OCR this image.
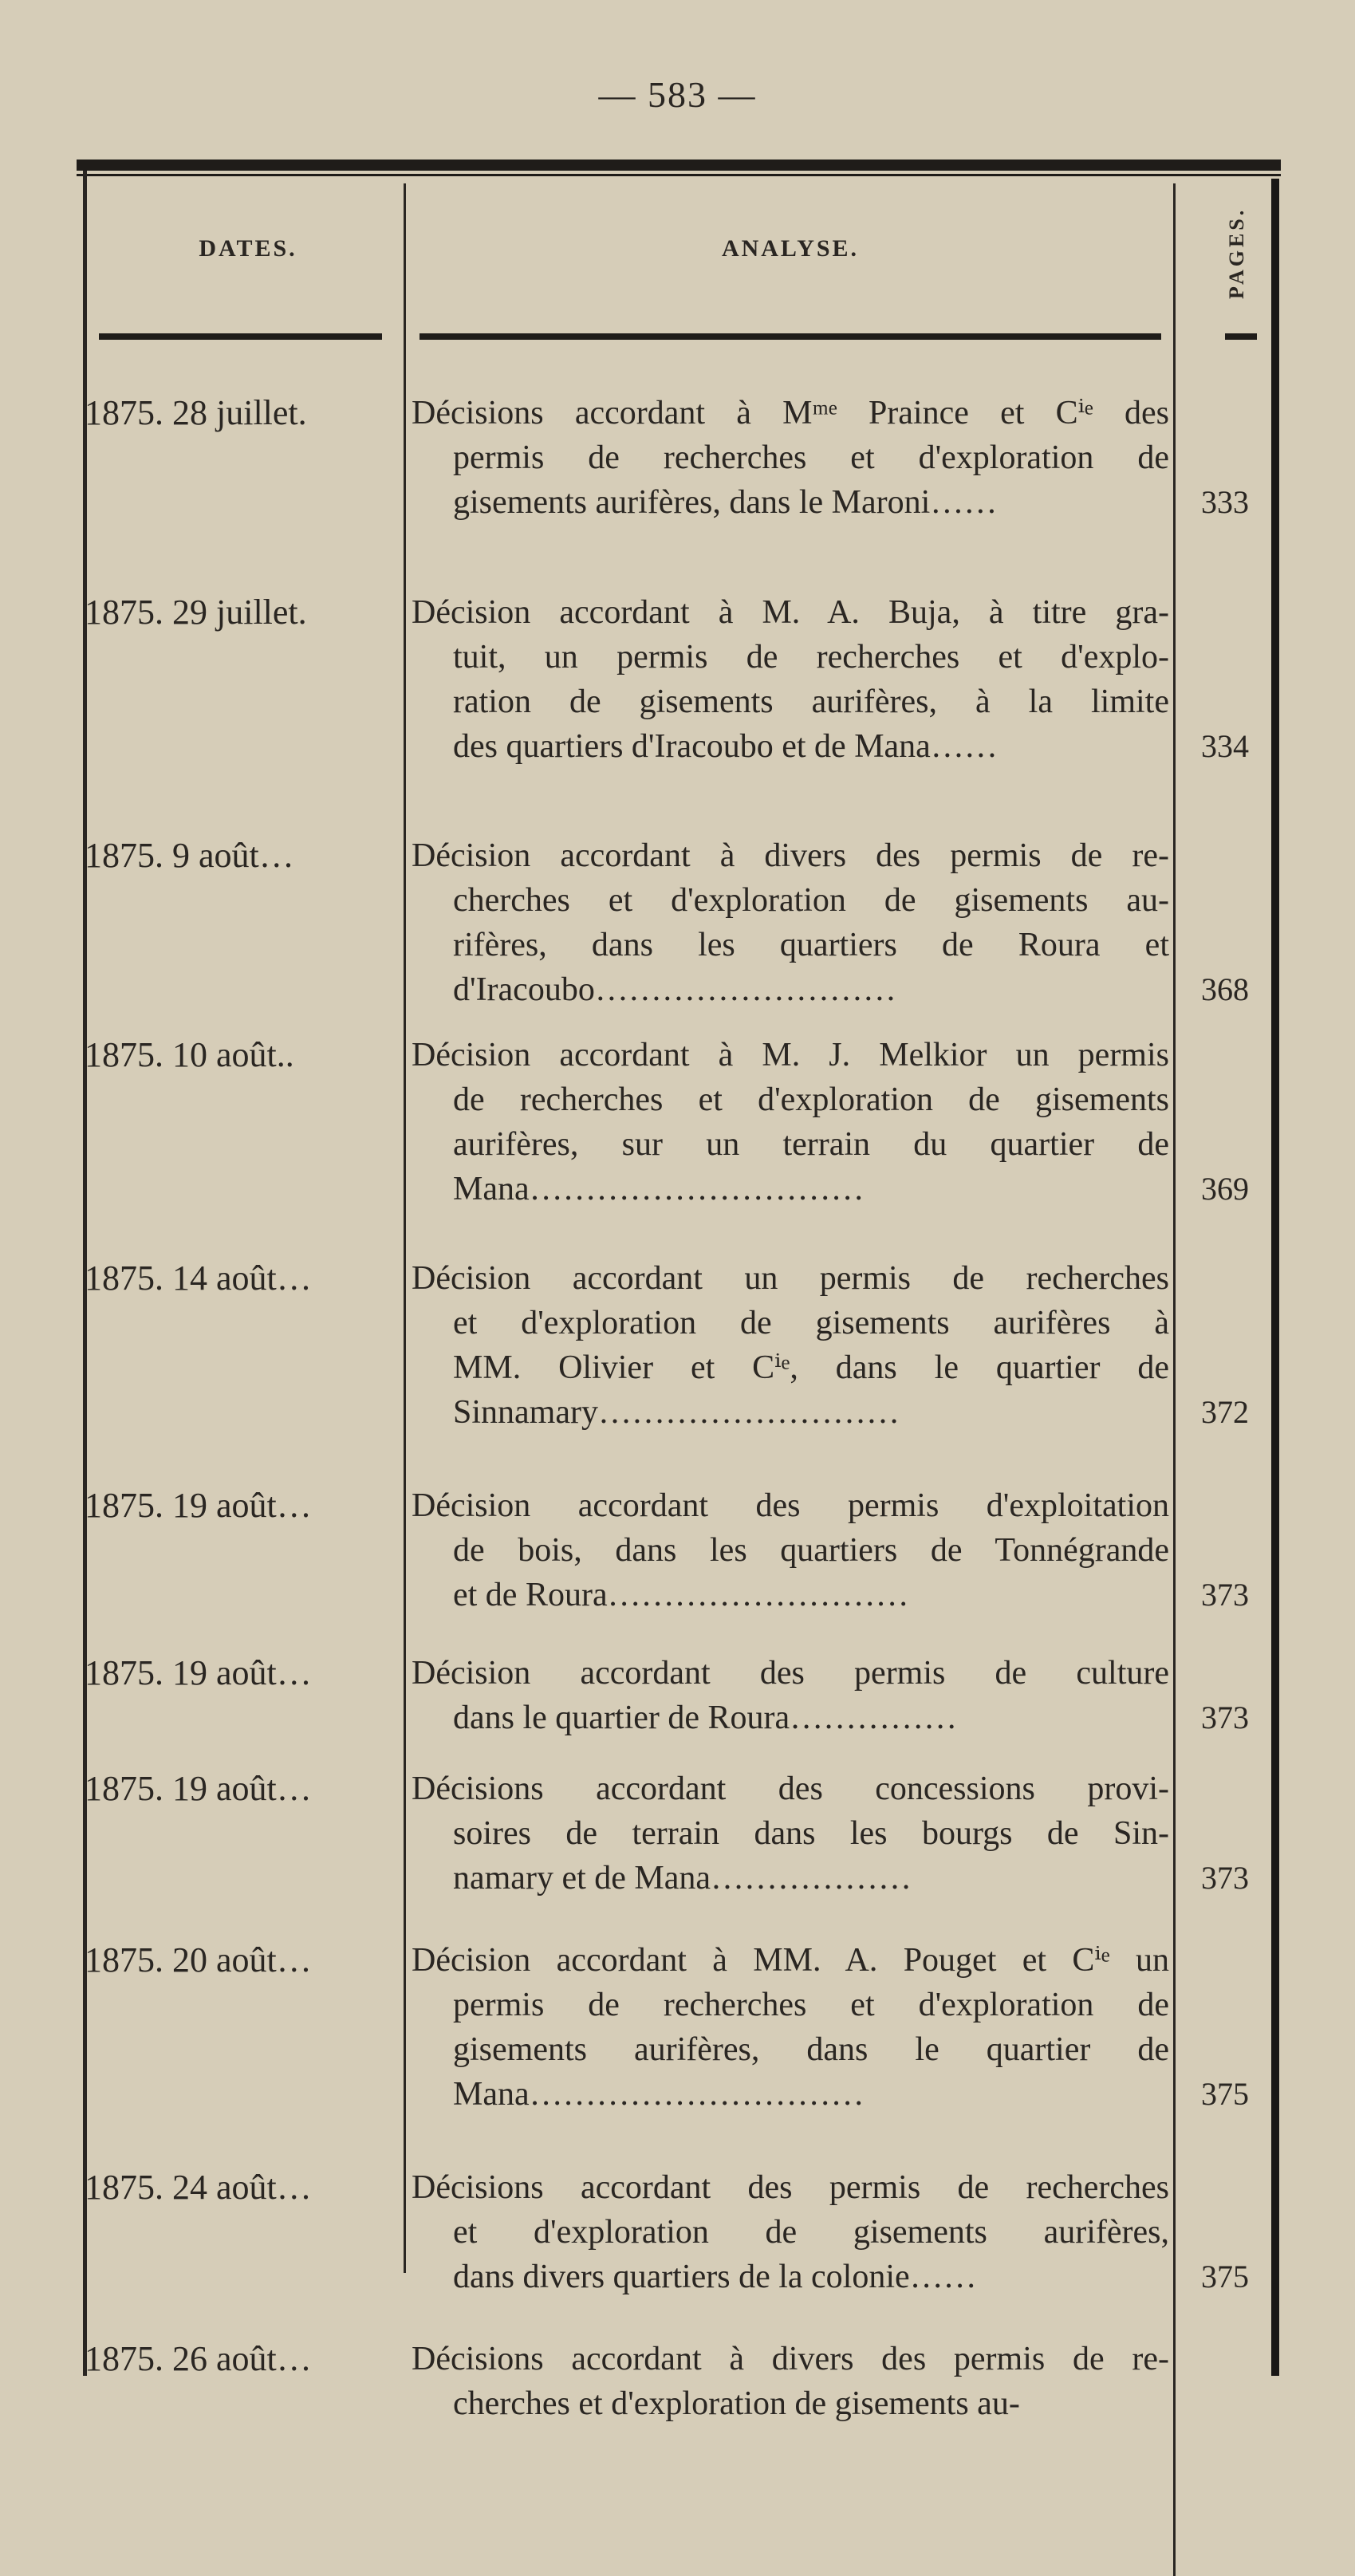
— 583 —
DATES.	ANALYSE.	PAGES.
1875. 28 juillet.	Décisions accordant à Mᵐᵉ Praince et Cⁱᵉ des
permis de recherches et d'exploration de
gisements aurifères, dans le Maroni……	333
1875. 29 juillet.	Décision accordant à M. A. Buja, à titre gra-
tuit, un permis de recherches et d'explo-
ration de gisements aurifères, à la limite
des quartiers d'Iracoubo et de Mana……	334
1875. 9 août…	Décision accordant à divers des permis de re-
cherches et d'exploration de gisements au-
rifères, dans les quartiers de Roura et
d'Iracoubo………………………	368
1875. 10 août..	Décision accordant à M. J. Melkior un permis
de recherches et d'exploration de gisements
aurifères, sur un terrain du quartier de
Mana…………………………	369
1875. 14 août…	Décision accordant un permis de recherches
et d'exploration de gisements aurifères à
MM. Olivier et Cⁱᵉ, dans le quartier de
Sinnamary………………………	372
1875. 19 août…	Décision accordant des permis d'exploitation
de bois, dans les quartiers de Tonnégrande
et de Roura………………………	373
1875. 19 août…	Décision accordant des permis de culture
dans le quartier de Roura……………	373
1875. 19 août…	Décisions accordant des concessions provi-
soires de terrain dans les bourgs de Sin-
namary et de Mana………………	373
1875. 20 août…	Décision accordant à MM. A. Pouget et Cⁱᵉ un
permis de recherches et d'exploration de
gisements aurifères, dans le quartier de
Mana…………………………	375
1875. 24 août…	Décisions accordant des permis de recherches
et d'exploration de gisements aurifères,
dans divers quartiers de la colonie……	375
1875. 26 août…	Décisions accordant à divers des permis de re-
cherches et d'exploration de gisements au-
